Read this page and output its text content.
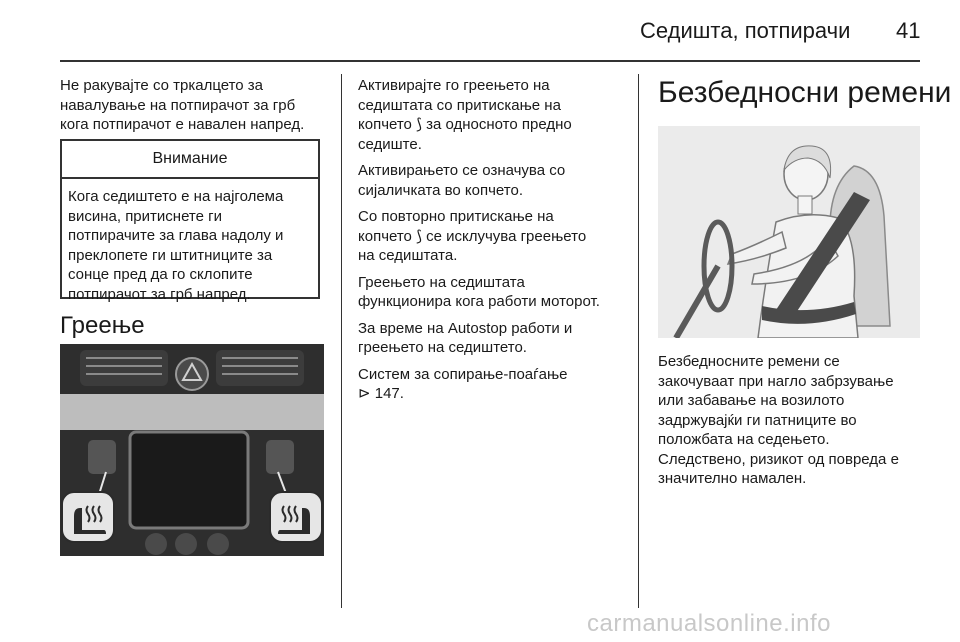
Седишта, потпирачи 41
Не ракувајте со тркалцето за
навалување на потпирачот за грб
кога потпирачот е навален напред.
Внимание
Кога седиштето е на најголема
висина, притиснете ги
потпирачите за глава надолу и
преклопете ги штитниците за
сонце пред да го склопите
потпирачот за грб напред.
Греење

Активирајте го греењето на
седиштата со притискање на
копчето ⟆ за односното предно
седиште.

Активирањето се означува со
сијаличката во копчето.

Со повторно притискање на
копчето ⟆ се исклучува греењето
на седиштата.

Греењето на седиштата
функционира кога работи моторот.

За време на Autostop работи и
греењето на седиштето.

Систем за сопирање-поаѓање
⊳ 147.

Безбедносни ремени
Безбедносните ремени се
закочуваат при нагло забрзување
или забавање на возилото
задржувајќи ги патниците во
положбата на седењето.
Следствено, ризикот од повреда е
значително намален.
carmanualsonline.info
